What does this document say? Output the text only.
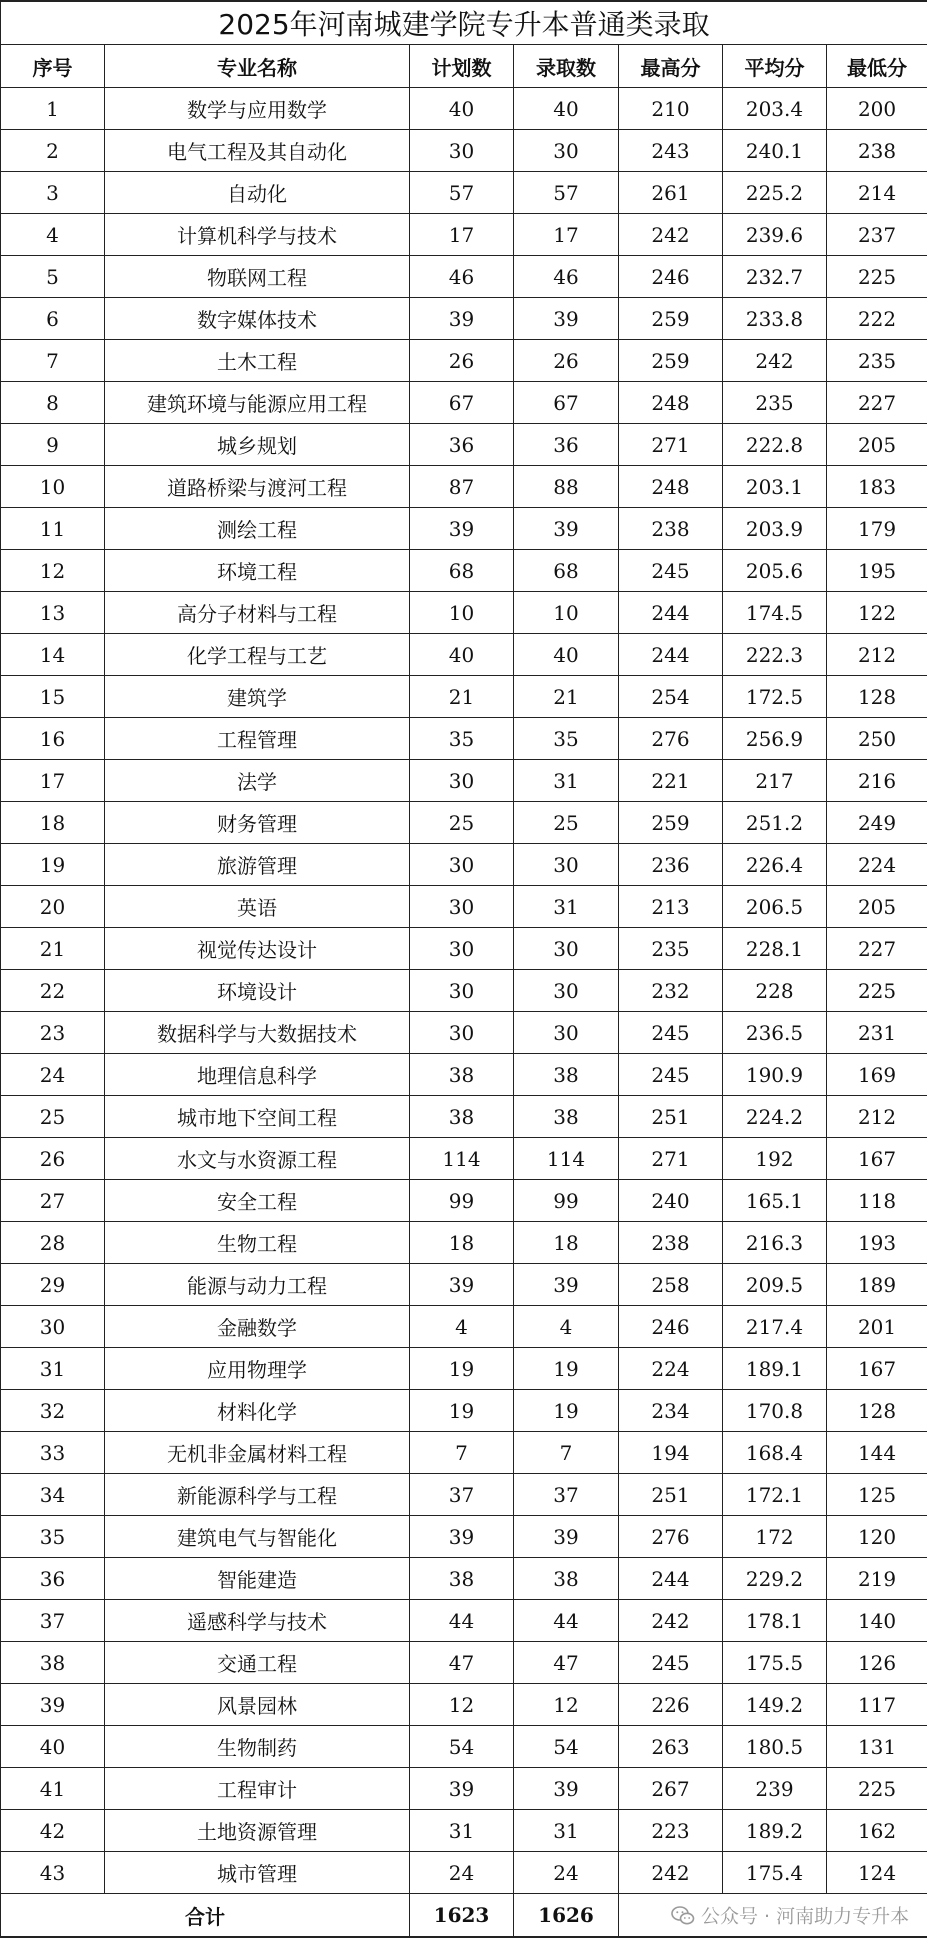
2025年河南城建学院专升本普通类录取						
序号	专业名称	计划数	录取数	最高分	平均分	最低分
1	数学与应用数学	40	40	210	203.4	200
2	电气工程及其自动化	30	30	243	240.1	238
3	自动化	57	57	261	225.2	214
4	计算机科学与技术	17	17	242	239.6	237
5	物联网工程	46	46	246	232.7	225
6	数字媒体技术	39	39	259	233.8	222
7	土木工程	26	26	259	242	235
8	建筑环境与能源应用工程	67	67	248	235	227
9	城乡规划	36	36	271	222.8	205
10	道路桥梁与渡河工程	87	88	248	203.1	183
11	测绘工程	39	39	238	203.9	179
12	环境工程	68	68	245	205.6	195
13	高分子材料与工程	10	10	244	174.5	122
14	化学工程与工艺	40	40	244	222.3	212
15	建筑学	21	21	254	172.5	128
16	工程管理	35	35	276	256.9	250
17	法学	30	31	221	217	216
18	财务管理	25	25	259	251.2	249
19	旅游管理	30	30	236	226.4	224
20	英语	30	31	213	206.5	205
21	视觉传达设计	30	30	235	228.1	227
22	环境设计	30	30	232	228	225
23	数据科学与大数据技术	30	30	245	236.5	231
24	地理信息科学	38	38	245	190.9	169
25	城市地下空间工程	38	38	251	224.2	212
26	水文与水资源工程	114	114	271	192	167
27	安全工程	99	99	240	165.1	118
28	生物工程	18	18	238	216.3	193
29	能源与动力工程	39	39	258	209.5	189
30	金融数学	4	4	246	217.4	201
31	应用物理学	19	19	224	189.1	167
32	材料化学	19	19	234	170.8	128
33	无机非金属材料工程	7	7	194	168.4	144
34	新能源科学与工程	37	37	251	172.1	125
35	建筑电气与智能化	39	39	276	172	120
36	智能建造	38	38	244	229.2	219
37	遥感科学与技术	44	44	242	178.1	140
38	交通工程	47	47	245	175.5	126
39	风景园林	12	12	226	149.2	117
40	生物制药	54	54	263	180.5	131
41	工程审计	39	39	267	239	225
42	土地资源管理	31	31	223	189.2	162
43	城市管理	24	24	242	175.4	124
合计		1623	1626	公众号 · 河南助力专升本		
